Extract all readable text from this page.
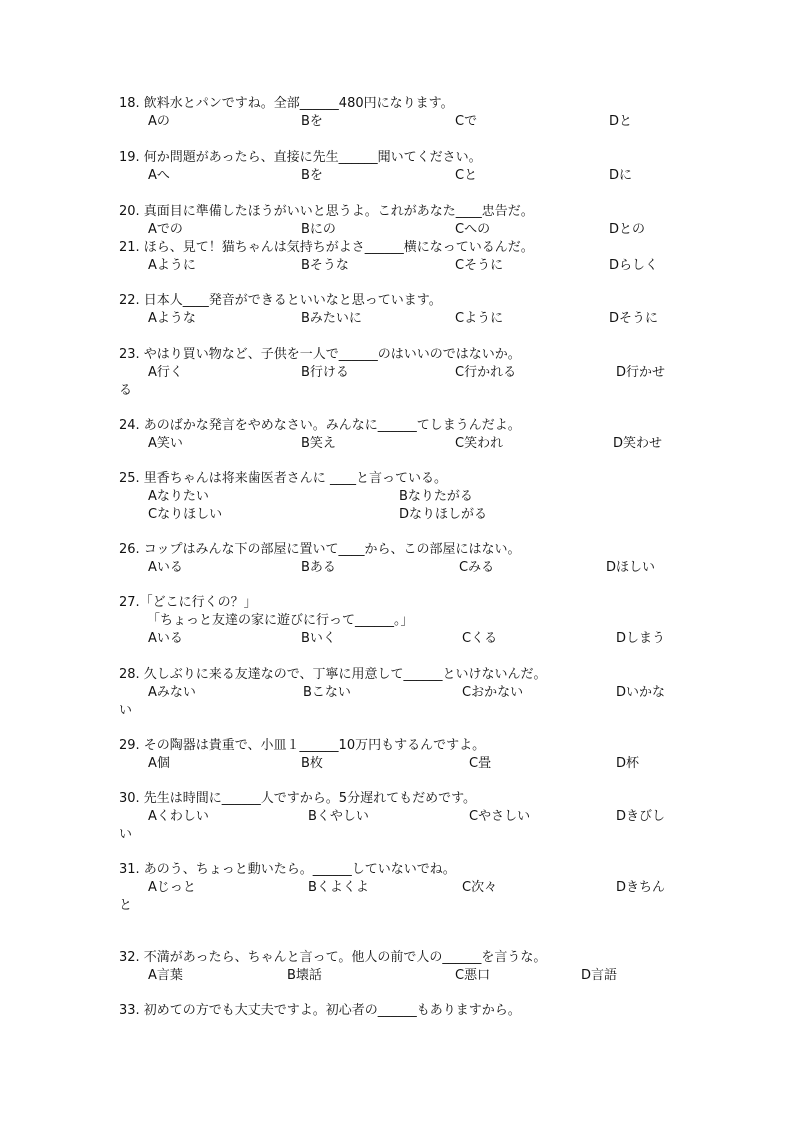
18. 飲料水とパンですね。全部______480円になります。
Aの	Bを	Cで	Dと
19. 何か問題があったら、直接に先生______聞いてください。
Aへ	Bを	Cと	Dに
20. 真面目に準備したほうがいいと思うよ。これがあなた____忠告だ。
Aでの	Bにの	Cへの	Dとの
21. ほら、見て！猫ちゃんは気持ちがよさ______横になっているんだ。
Aように	Bそうな	Cそうに	Dらしく
22. 日本人____発音ができるといいなと思っています。
Aような	Bみたいに	Cように	Dそうに
23. やはり買い物など、子供を一人で______のはいいのではないか。
A行く	B行ける	C行かれる	D行かせ
る
24. あのばかな発言をやめなさい。みんなに______てしまうんだよ。
A笑い	B笑え	C笑われ	D笑わせ
25. 里香ちゃんは将来歯医者さんに ____と言っている。
Aなりたい	Bなりたがる
Cなりほしい	Dなりほしがる
26. コップはみんな下の部屋に置いて____から、この部屋にはない。
Aいる	Bある	Cみる	Dほしい
27.「どこに行くの？」
「ちょっと友達の家に遊びに行って______。」
Aいる	Bいく	Cくる	Dしまう
28. 久しぶりに来る友達なので、丁寧に用意して______といけないんだ。
Aみない	Bこない	Cおかない	Dいかな
い
29. その陶器は貴重で、小皿１______10万円もするんですよ。
A個	B枚	C畳	D杯
30. 先生は時間に______人ですから。5分遅れてもだめです。
Aくわしい	Bくやしい	Cやさしい	Dきびし
い
31. あのう、ちょっと動いたら。______していないでね。
Aじっと	Bくよくよ	C次々	Dきちん
と
32. 不満があったら、ちゃんと言って。他人の前で人の______を言うな。
A言葉	B壊話	C悪口	D言語
33. 初めての方でも大丈夫ですよ。初心者の______もありますから。
